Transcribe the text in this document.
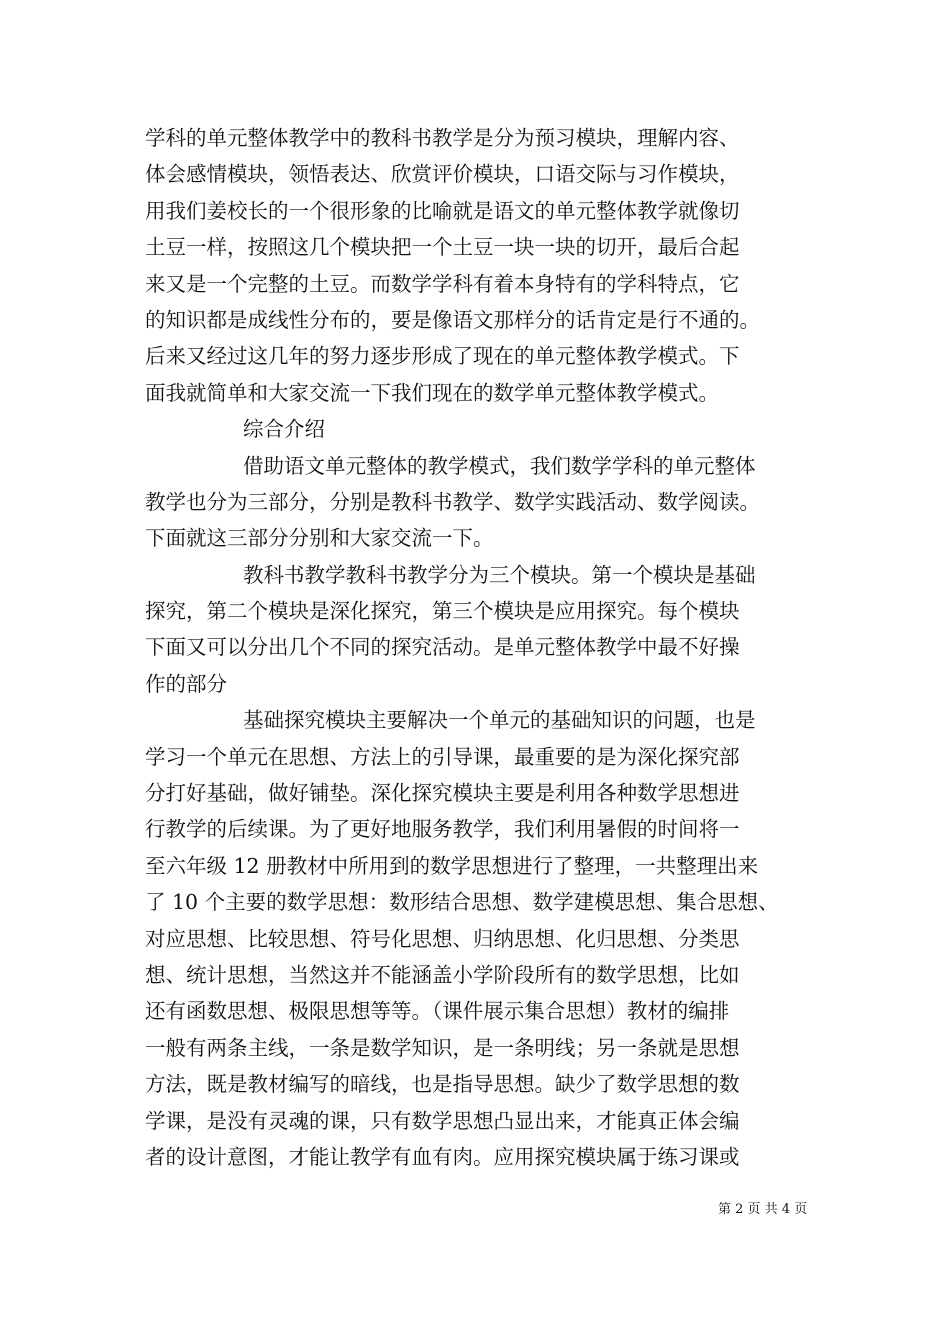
学科的单元整体教学中的教科书教学是分为预习模块，理解内容、
体会感情模块，领悟表达、欣赏评价模块，口语交际与习作模块，
用我们姜校长的一个很形象的比喻就是语文的单元整体教学就像切
土豆一样，按照这几个模块把一个土豆一块一块的切开，最后合起
来又是一个完整的土豆。而数学学科有着本身特有的学科特点，它
的知识都是成线性分布的，要是像语文那样分的话肯定是行不通的。
后来又经过这几年的努力逐步形成了现在的单元整体教学模式。下
面我就简单和大家交流一下我们现在的数学单元整体教学模式。
综合介绍
借助语文单元整体的教学模式，我们数学学科的单元整体
教学也分为三部分，分别是教科书教学、数学实践活动、数学阅读。
下面就这三部分分别和大家交流一下。
教科书教学教科书教学分为三个模块。第一个模块是基础
探究，第二个模块是深化探究，第三个模块是应用探究。每个模块
下面又可以分出几个不同的探究活动。是单元整体教学中最不好操
作的部分
基础探究模块主要解决一个单元的基础知识的问题，也是
学习一个单元在思想、方法上的引导课，最重要的是为深化探究部
分打好基础，做好铺垫。深化探究模块主要是利用各种数学思想进
行教学的后续课。为了更好地服务教学，我们利用暑假的时间将一
至六年级 12 册教材中所用到的数学思想进行了整理，一共整理出来
了 10 个主要的数学思想：数形结合思想、数学建模思想、集合思想、
对应思想、比较思想、符号化思想、归纳思想、化归思想、分类思
想、统计思想，当然这并不能涵盖小学阶段所有的数学思想，比如
还有函数思想、极限思想等等。（课件展示集合思想）教材的编排
一般有两条主线，一条是数学知识，是一条明线；另一条就是思想
方法，既是教材编写的暗线，也是指导思想。缺少了数学思想的数
学课，是没有灵魂的课，只有数学思想凸显出来，才能真正体会编
者的设计意图，才能让教学有血有肉。应用探究模块属于练习课或
第 2 页 共 4 页
